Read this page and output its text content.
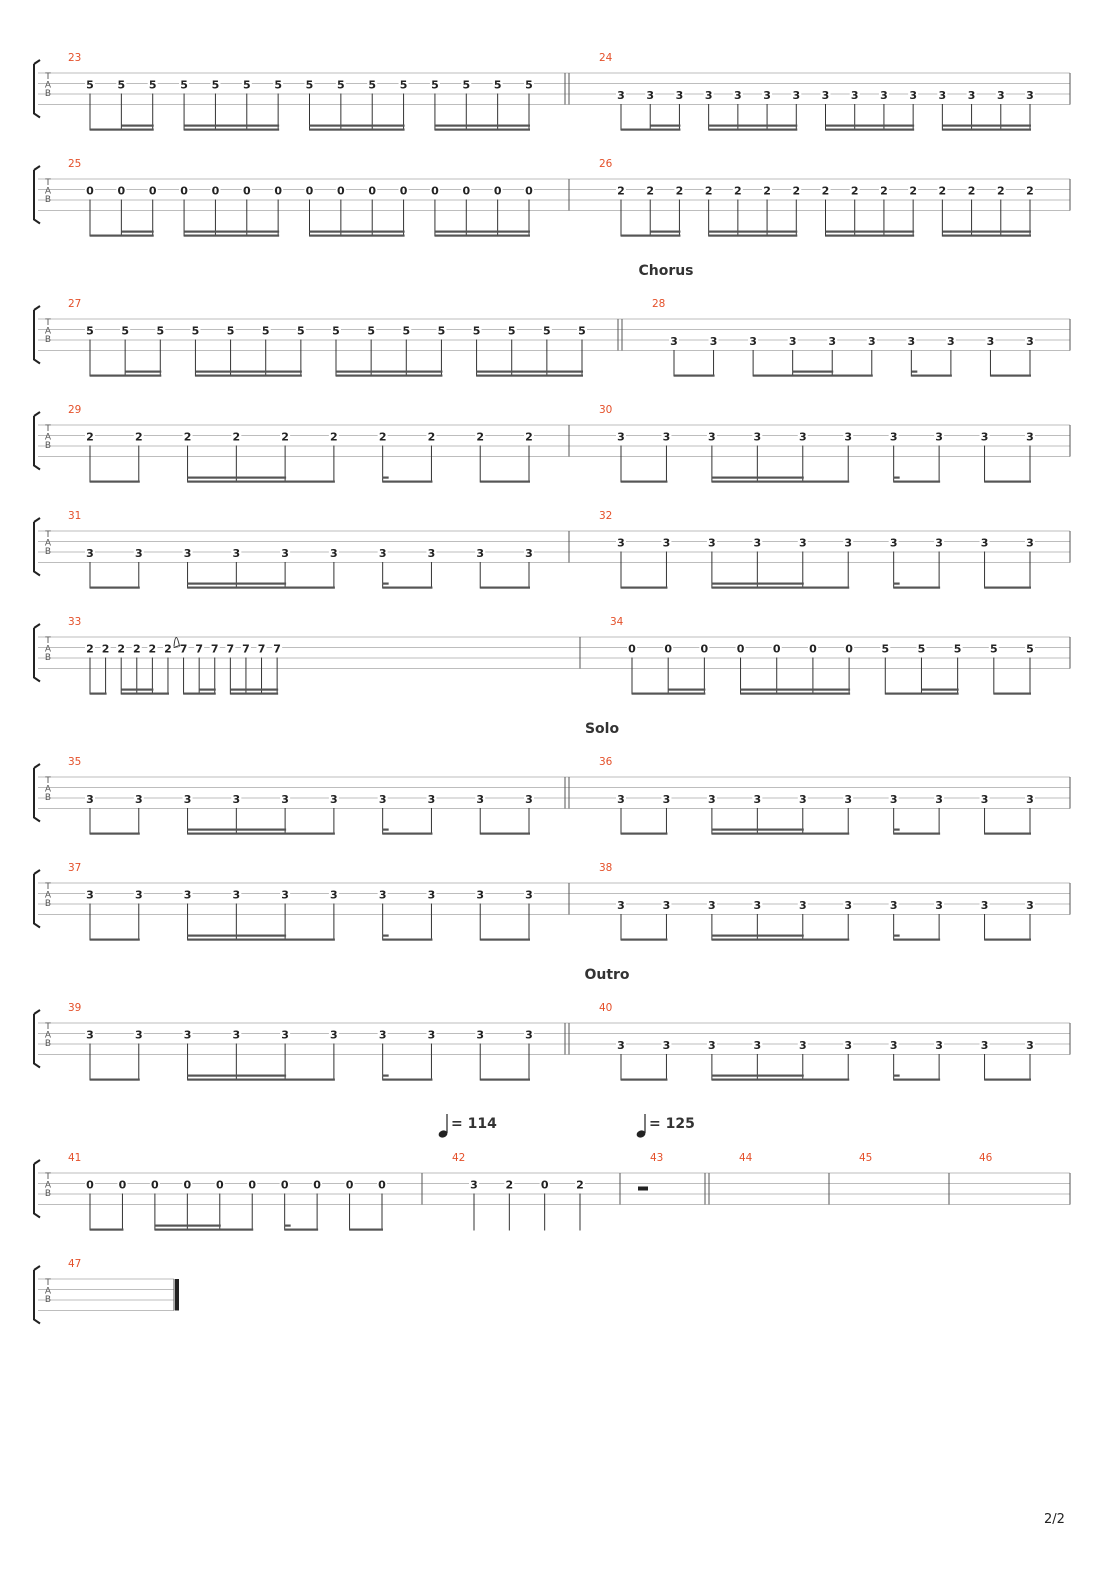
T
A
B
23
5 5 5 5 5 5 5 5 5 5 5 5 5 5 5
24
3 3 3 3 3 3 3 3 3 3 3 3 3 3 3
T
A
B
25
0 0 0 0 0 0 0 0 0 0 0 0 0 0 0
26
2 2 2 2 2 2 2 2 2 2 2 2 2 2 2
T
A
B
Chorus
27
5 5 5 5 5 5 5 5 5 5 5 5 5 5 5
28
3	3	3	3	3	3	3	3	3	3
T
A
B
29
2	2	2	2	2	2	2	2	2	2
30
3	3	3	3	3	3	3	3	3	3
T
A
B
31
3	3	3	3	3	3	3	3	3	3
32
3	3	3	3	3	3	3	3	3	3
T
A
B
33
2 2 2 2 2 2 7 7 7 7 7 7 7
34
0	0	0	0	0	0	0	5	5	5	5	5
T
A
B
Solo
35
3	3	3	3	3	3	3	3	3	3
36
3	3	3	3	3	3	3	3	3	3
T
A
B
37
3	3	3	3	3	3	3	3	3	3
38
3	3	3	3	3	3	3	3	3	3
T
A
B
Outro
39
3	3	3	3	3	3	3	3	3	3
40
3	3	3	3	3	3	3	3	3	3
T
A
B
= 114	= 125
41
0 0 0 0 0 0 0 0 0 0
42
3	2	0	2
43	44	45	46
T
A
B
47
2/2
